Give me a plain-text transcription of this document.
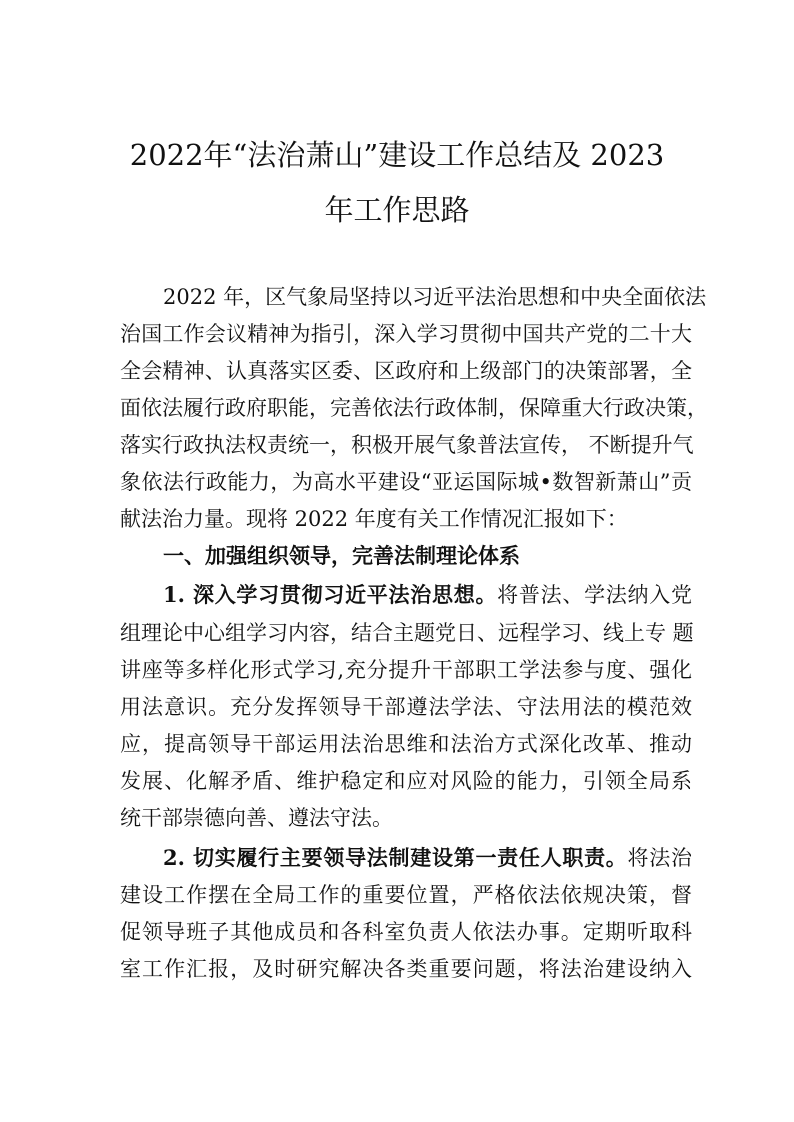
2022年“法治萧山”建设工作总结及 2023
年工作思路
2022 年，区气象局坚持以习近平法治思想和中央全面依法
治国工作会议精神为指引，深入学习贯彻中国共产党的二十大
全会精神、认真落实区委、区政府和上级部门的决策部署，全
面依法履行政府职能，完善依法行政体制，保障重大行政决策，
落实行政执法权责统一，积极开展气象普法宣传， 不断提升气
象依法行政能力，为高水平建设“亚运国际城•数智新萧山”贡
献法治力量。现将 2022 年度有关工作情况汇报如下：
一、加强组织领导，完善法制理论体系
1. 深入学习贯彻习近平法治思想。将普法、学法纳入党
组理论中心组学习内容，结合主题党日、远程学习、线上专 题
讲座等多样化形式学习,充分提升干部职工学法参与度、强化
用法意识。充分发挥领导干部遵法学法、守法用法的模范效
应，提高领导干部运用法治思维和法治方式深化改革、推动
发展、化解矛盾、维护稳定和应对风险的能力，引领全局系
统干部崇德向善、遵法守法。
2. 切实履行主要领导法制建设第一责任人职责。将法治
建设工作摆在全局工作的重要位置，严格依法依规决策，督
促领导班子其他成员和各科室负责人依法办事。定期听取科
室工作汇报，及时研究解决各类重要问题，将法治建设纳入
